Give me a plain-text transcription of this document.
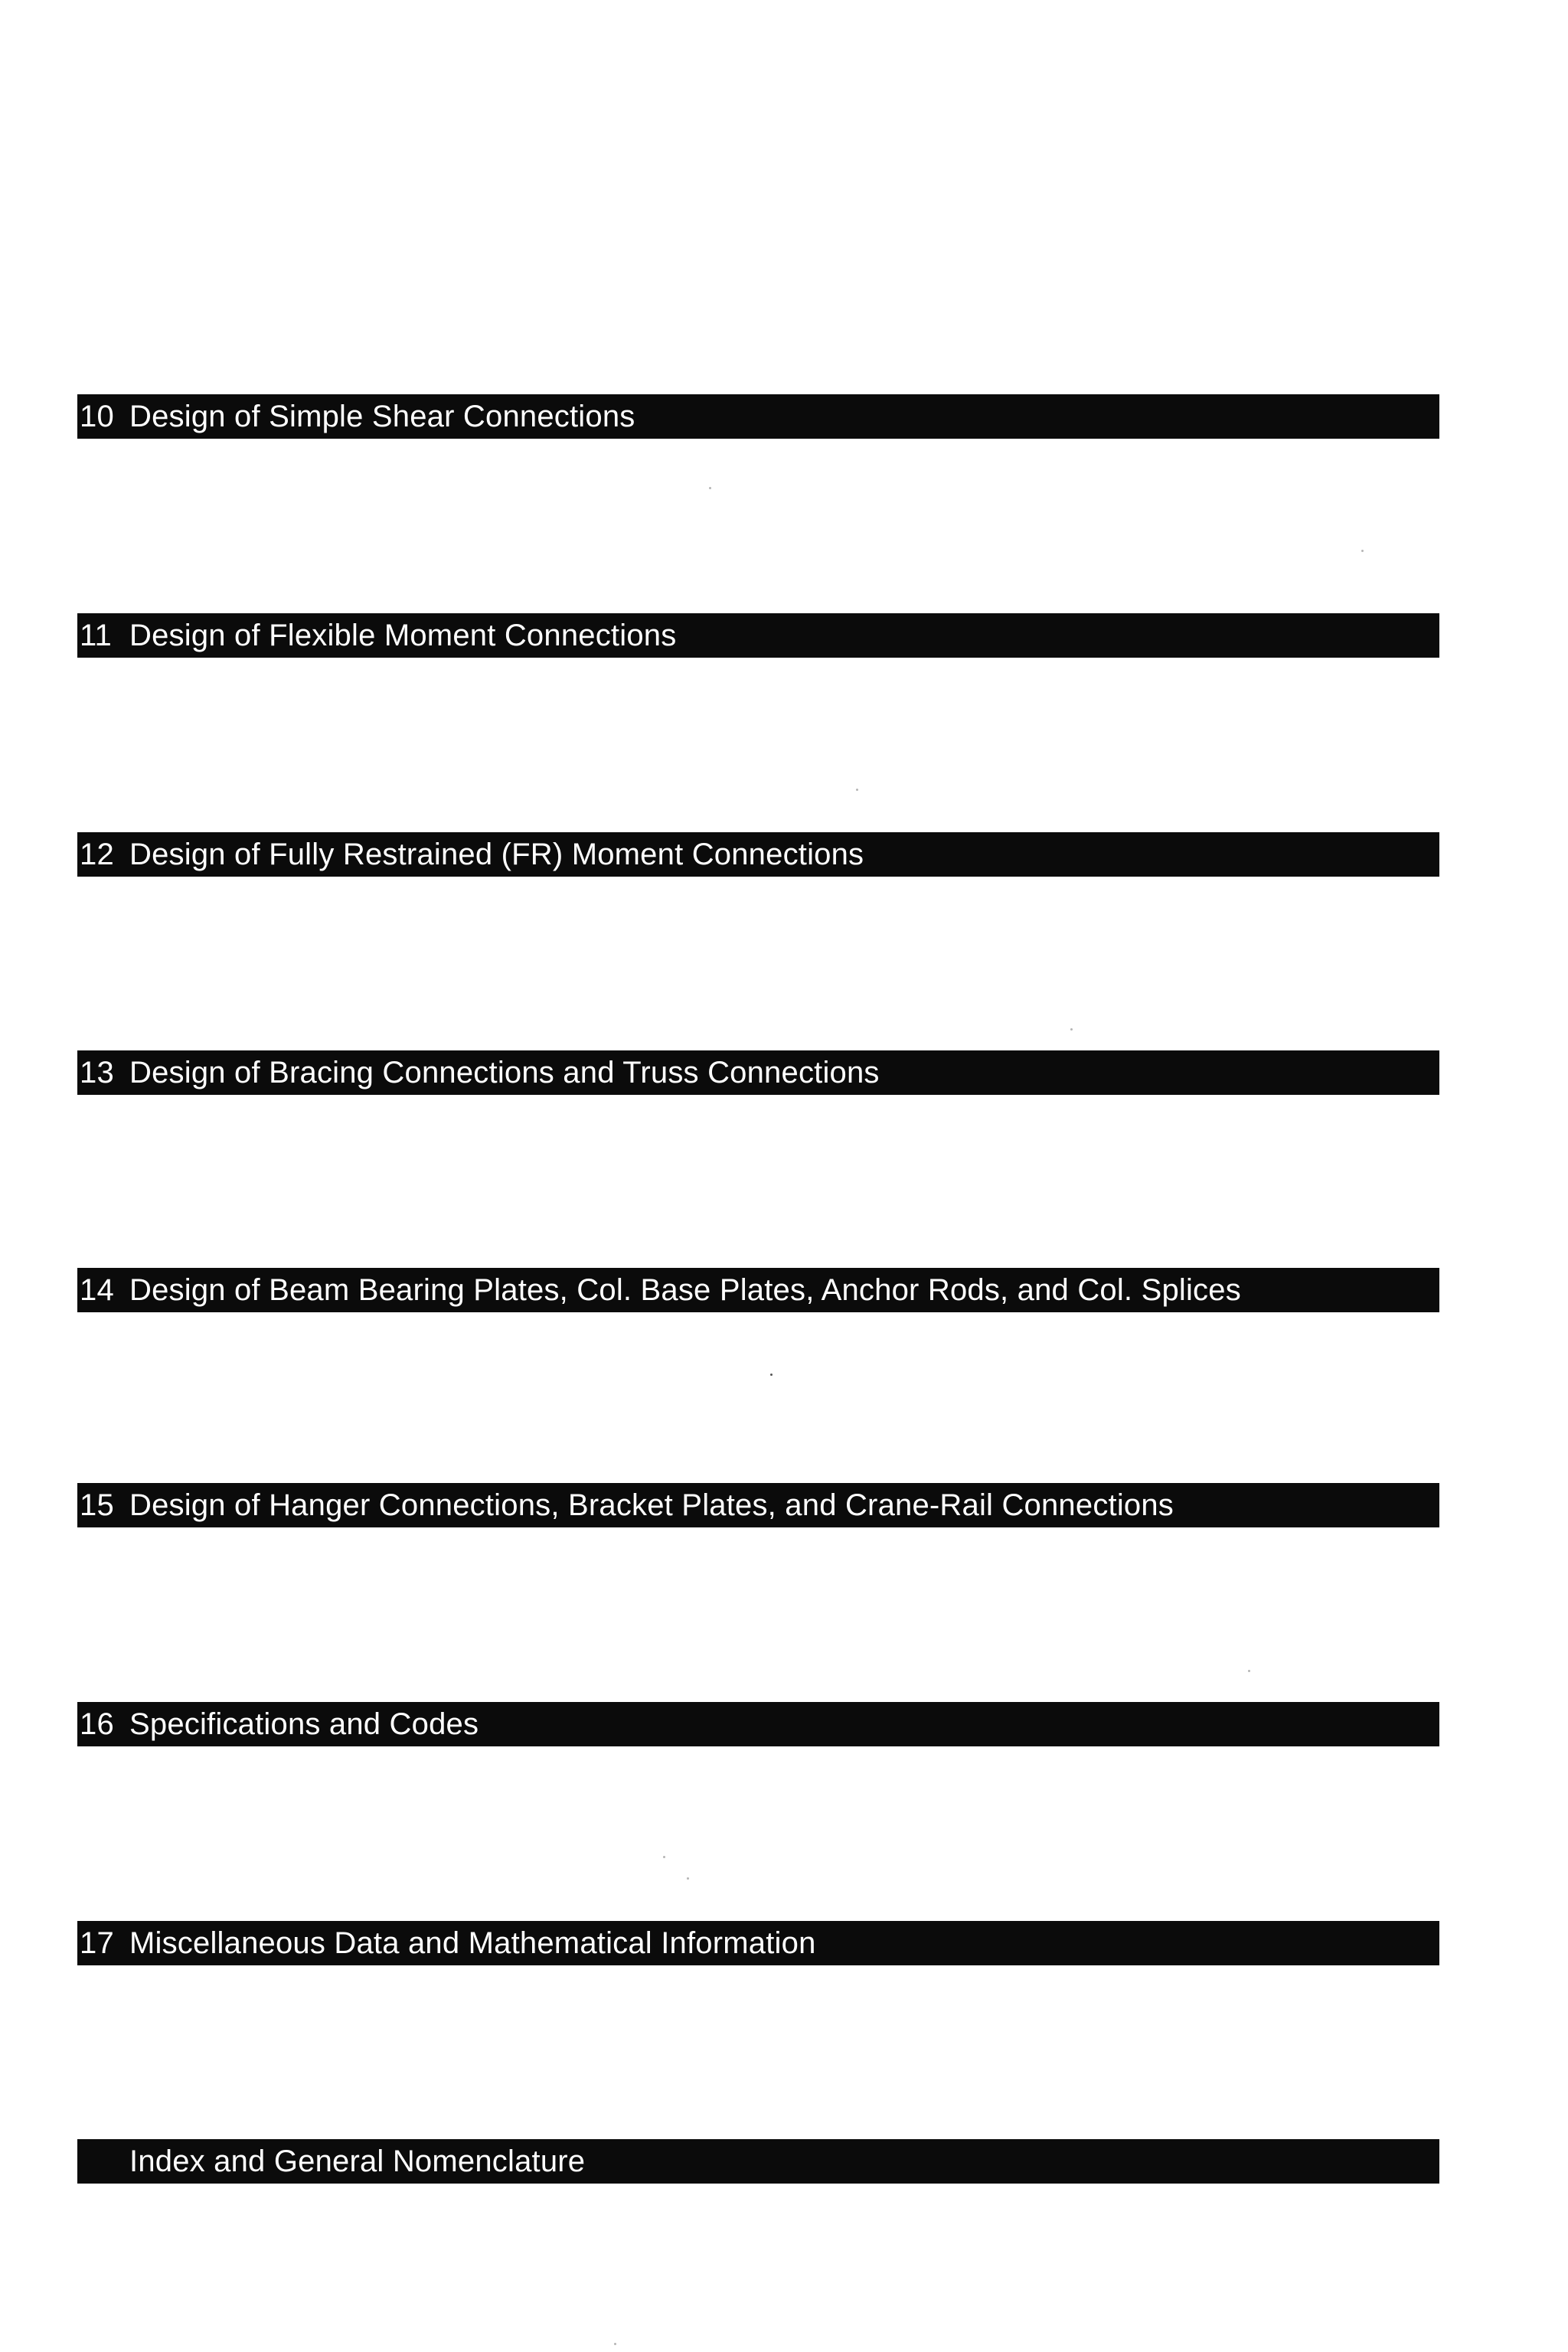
10 Design of Simple Shear Connections
11 Design of Flexible Moment Connections
12 Design of Fully Restrained (FR) Moment Connections
13 Design of Bracing Connections and Truss Connections
14 Design of Beam Bearing Plates, Col. Base Plates, Anchor Rods, and Col. Splices
15 Design of Hanger Connections, Bracket Plates, and Crane-Rail Connections
16 Specifications and Codes
17 Miscellaneous Data and Mathematical Information
Index and General Nomenclature
